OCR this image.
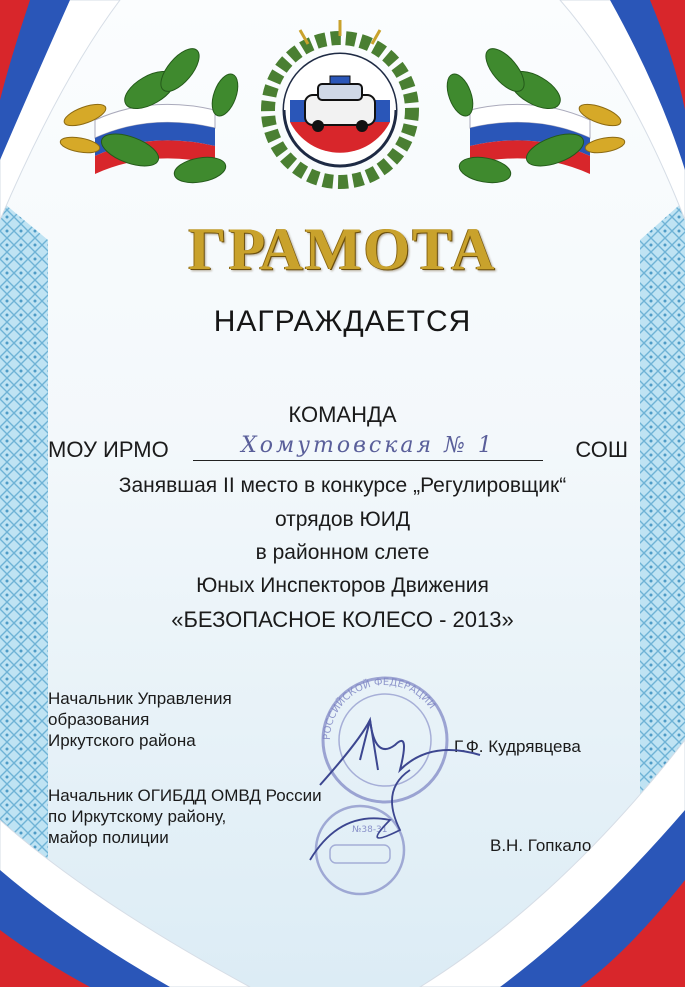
ГРАМОТА
НАГРАЖДАЕТСЯ
КОМАНДА
МОУ ИРМО	Хомутовская № 1	СОШ
Занявшая II место в конкурсе „Регулировщик“
отрядов ЮИД
в районном слете
Юных Инспекторов Движения
«БЕЗОПАСНОЕ КОЛЕСО - 2013»
Начальник Управления
образования
Иркутского района	Г.Ф. Кудрявцева
Начальник ОГИБДД ОМВД России
по Иркутскому району,
майор полиции	В.Н. Гопкало
РОССИЙСКОЙ ФЕДЕРАЦИИ
№38-31
